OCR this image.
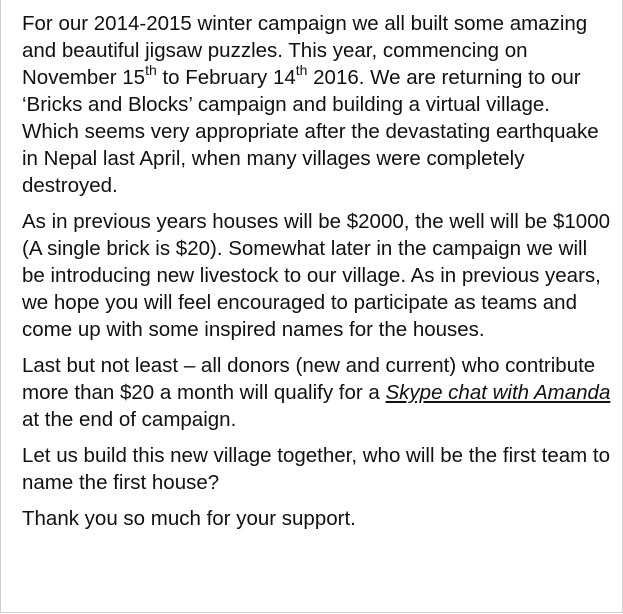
For our 2014-2015 winter campaign we all built some amazing and beautiful jigsaw puzzles. This year, commencing on November 15th to February 14th 2016. We are returning to our ‘Bricks and Blocks’ campaign and building a virtual village. Which seems very appropriate after the devastating earthquake in Nepal last April, when many villages were completely destroyed.

As in previous years houses will be $2000, the well will be $1000 (A single brick is $20). Somewhat later in the campaign we will be introducing new livestock to our village. As in previous years, we hope you will feel encouraged to participate as teams and come up with some inspired names for the houses.

Last but not least – all donors (new and current) who contribute more than $20 a month will qualify for a Skype chat with Amanda at the end of campaign.

Let us build this new village together, who will be the first team to name the first house?

Thank you so much for your support.
